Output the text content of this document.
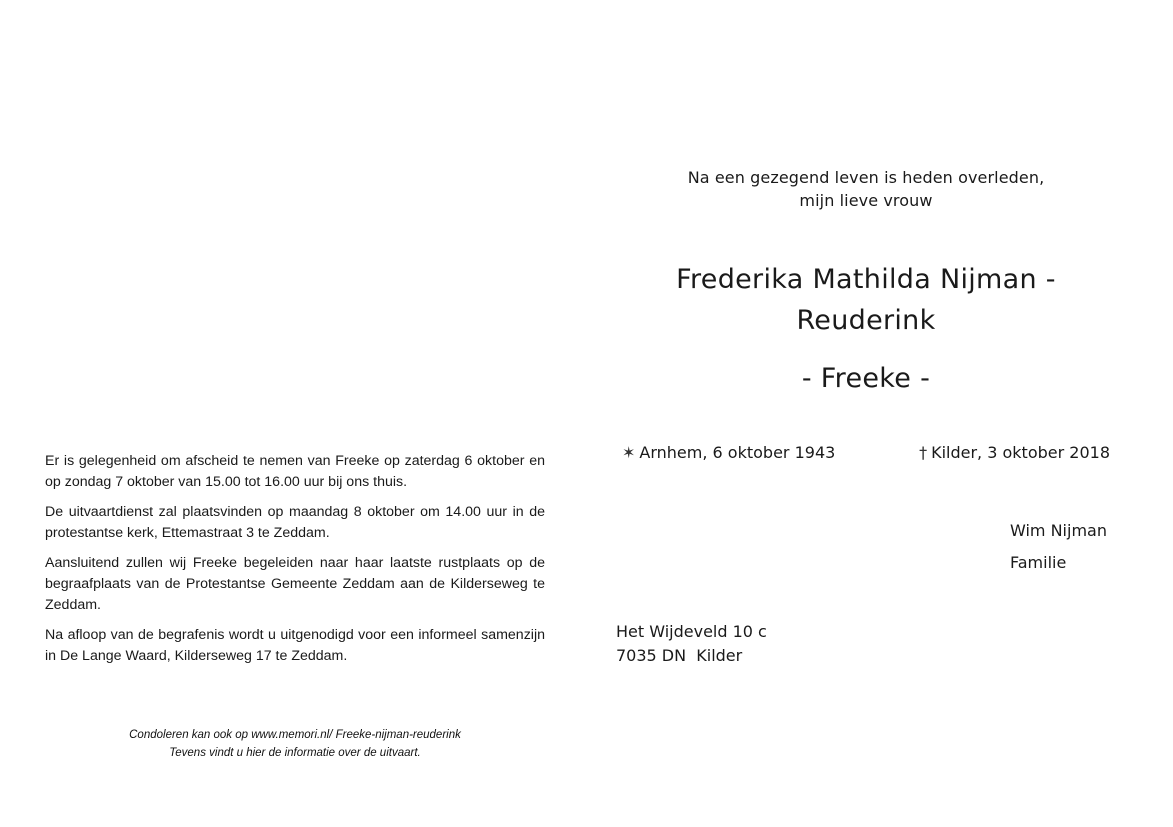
Na een gezegend leven is heden overleden,
mijn lieve vrouw
Frederika Mathilda Nijman -
Reuderink
- Freeke -
✶ Arnhem, 6 oktober 1943	† Kilder, 3 oktober 2018
Wim Nijman
Familie
Het Wijdeveld 10 c
7035 DN  Kilder

Er is gelegenheid om afscheid te nemen van Freeke op zaterdag 6 oktober en op zondag 7 oktober van 15.00 tot 16.00 uur bij ons thuis.

De uitvaartdienst zal plaatsvinden op maandag 8 oktober om 14.00 uur in de protestantse kerk, Ettemastraat 3 te Zeddam.

Aansluitend zullen wij Freeke begeleiden naar haar laatste rustplaats op de begraafplaats van de Protestantse Gemeente Zeddam aan de Kilderseweg te Zeddam.

Na afloop van de begrafenis wordt u uitgenodigd voor een informeel samenzijn in De Lange Waard, Kilderseweg 17 te Zeddam.

Condoleren kan ook op www.memori.nl/ Freeke-nijman-reuderink
Tevens vindt u hier de informatie over de uitvaart.
